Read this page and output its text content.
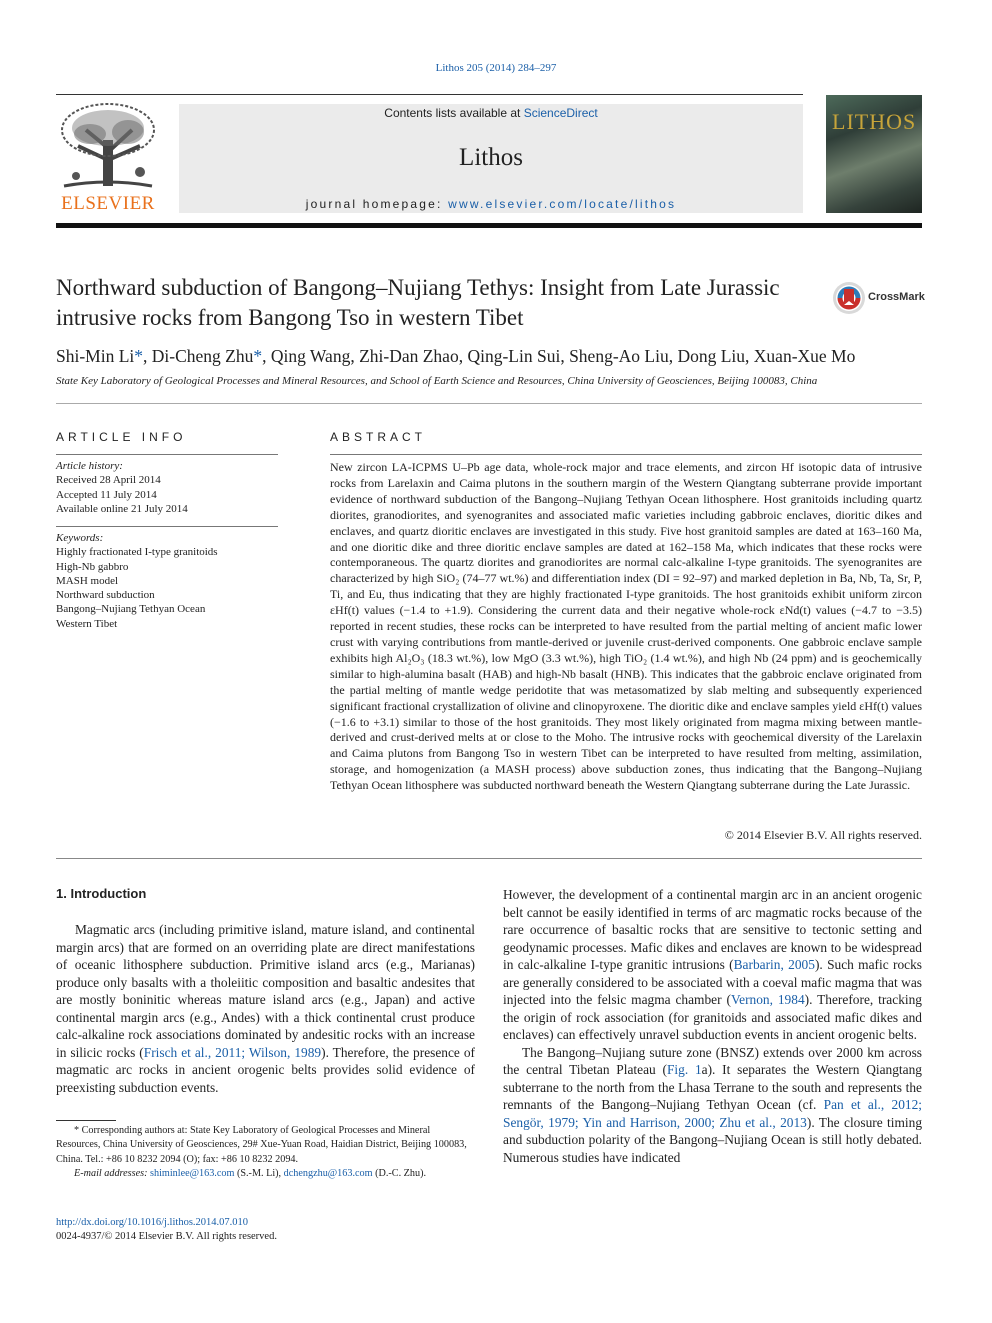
Lithos 205 (2014) 284–297
ELSEVIER
Contents lists available at ScienceDirect
Lithos
journal homepage: www.elsevier.com/locate/lithos
LITHOS
Northward subduction of Bangong–Nujiang Tethys: Insight from Late Jurassic intrusive rocks from Bangong Tso in western Tibet
CrossMark
Shi-Min Li*, Di-Cheng Zhu*, Qing Wang, Zhi-Dan Zhao, Qing-Lin Sui, Sheng-Ao Liu, Dong Liu, Xuan-Xue Mo
State Key Laboratory of Geological Processes and Mineral Resources, and School of Earth Science and Resources, China University of Geosciences, Beijing 100083, China
ARTICLE INFO
Article history:
Received 28 April 2014
Accepted 11 July 2014
Available online 21 July 2014
Keywords:
Highly fractionated I-type granitoids
High-Nb gabbro
MASH model
Northward subduction
Bangong–Nujiang Tethyan Ocean
Western Tibet
ABSTRACT
New zircon LA-ICPMS U–Pb age data, whole-rock major and trace elements, and zircon Hf isotopic data of intrusive rocks from Larelaxin and Caima plutons in the southern margin of the Western Qiangtang subterrane provide important evidence of northward subduction of the Bangong–Nujiang Tethyan Ocean lithosphere. Host granitoids including quartz diorites, granodiorites, and syenogranites and associated mafic varieties including gabbroic enclaves, dioritic dikes and enclaves, and quartz dioritic enclaves are investigated in this study. Five host granitoid samples are dated at 163–160 Ma, and one dioritic dike and three dioritic enclave samples are dated at 162–158 Ma, which indicates that these rocks were contemporaneous. The quartz diorites and granodiorites are normal calc-alkaline I-type granitoids. The syenogranites are characterized by high SiO₂ (74–77 wt.%) and differentiation index (DI = 92–97) and marked depletion in Ba, Nb, Ta, Sr, P, Ti, and Eu, thus indicating that they are highly fractionated I-type granitoids. The host granitoids exhibit uniform zircon εHf(t) values (−1.4 to +1.9). Considering the current data and their negative whole-rock εNd(t) values (−4.7 to −3.5) reported in recent studies, these rocks can be interpreted to have resulted from the partial melting of ancient mafic lower crust with varying contributions from mantle-derived or juvenile crust-derived components. One gabbroic enclave sample exhibits high Al₂O₃ (18.3 wt.%), low MgO (3.3 wt.%), high TiO₂ (1.4 wt.%), and high Nb (24 ppm) and is geochemically similar to high-alumina basalt (HAB) and high-Nb basalt (HNB). This indicates that the gabbroic enclave originated from the partial melting of mantle wedge peridotite that was metasomatized by slab melting and subsequently experienced significant fractional crystallization of olivine and clinopyroxene. The dioritic dike and enclave samples yield εHf(t) values (−1.6 to +3.1) similar to those of the host granitoids. They most likely originated from magma mixing between mantle-derived and crust-derived melts at or close to the Moho. The intrusive rocks with geochemical diversity of the Larelaxin and Caima plutons from Bangong Tso in western Tibet can be interpreted to have resulted from melting, assimilation, storage, and homogenization (a MASH process) above subduction zones, thus indicating that the Bangong–Nujiang Tethyan Ocean lithosphere was subducted northward beneath the Western Qiangtang subterrane during the Late Jurassic.
© 2014 Elsevier B.V. All rights reserved.
1. Introduction

Magmatic arcs (including primitive island, mature island, and continental margin arcs) that are formed on an overriding plate are direct manifestations of oceanic lithosphere subduction. Primitive island arcs (e.g., Marianas) produce only basalts with a tholeiitic composition and basaltic andesites that are mostly boninitic whereas mature island arcs (e.g., Japan) and active continental margin arcs (e.g., Andes) with a thick continental crust produce calc-alkaline rock associations dominated by andesitic rocks with an increase in silicic rocks (Frisch et al., 2011; Wilson, 1989). Therefore, the presence of magmatic arc rocks in ancient orogenic belts provides solid evidence of preexisting subduction events.

However, the development of a continental margin arc in an ancient orogenic belt cannot be easily identified in terms of arc magmatic rocks because of the rare occurrence of basaltic rocks that are sensitive to tectonic setting and geodynamic processes. Mafic dikes and enclaves are known to be widespread in calc-alkaline I-type granitic intrusions (Barbarin, 2005). Such mafic rocks are generally considered to be associated with a coeval mafic magma that was injected into the felsic magma chamber (Vernon, 1984). Therefore, tracking the origin of rock association (for granitoids and associated mafic dikes and enclaves) can effectively unravel subduction events in ancient orogenic belts.

The Bangong–Nujiang suture zone (BNSZ) extends over 2000 km across the central Tibetan Plateau (Fig. 1a). It separates the Western Qiangtang subterrane to the north from the Lhasa Terrane to the south and represents the remnants of the Bangong–Nujiang Tethyan Ocean (cf. Pan et al., 2012; Sengör, 1979; Yin and Harrison, 2000; Zhu et al., 2013). The closure timing and subduction polarity of the Bangong–Nujiang Ocean is still hotly debated. Numerous studies have indicated

* Corresponding authors at: State Key Laboratory of Geological Processes and Mineral Resources, China University of Geosciences, 29# Xue-Yuan Road, Haidian District, Beijing 100083, China. Tel.: +86 10 8232 2094 (O); fax: +86 10 8232 2094.

E-mail addresses: shiminlee@163.com (S.-M. Li), dchengzhu@163.com (D.-C. Zhu).

http://dx.doi.org/10.1016/j.lithos.2014.07.010
0024-4937/© 2014 Elsevier B.V. All rights reserved.
